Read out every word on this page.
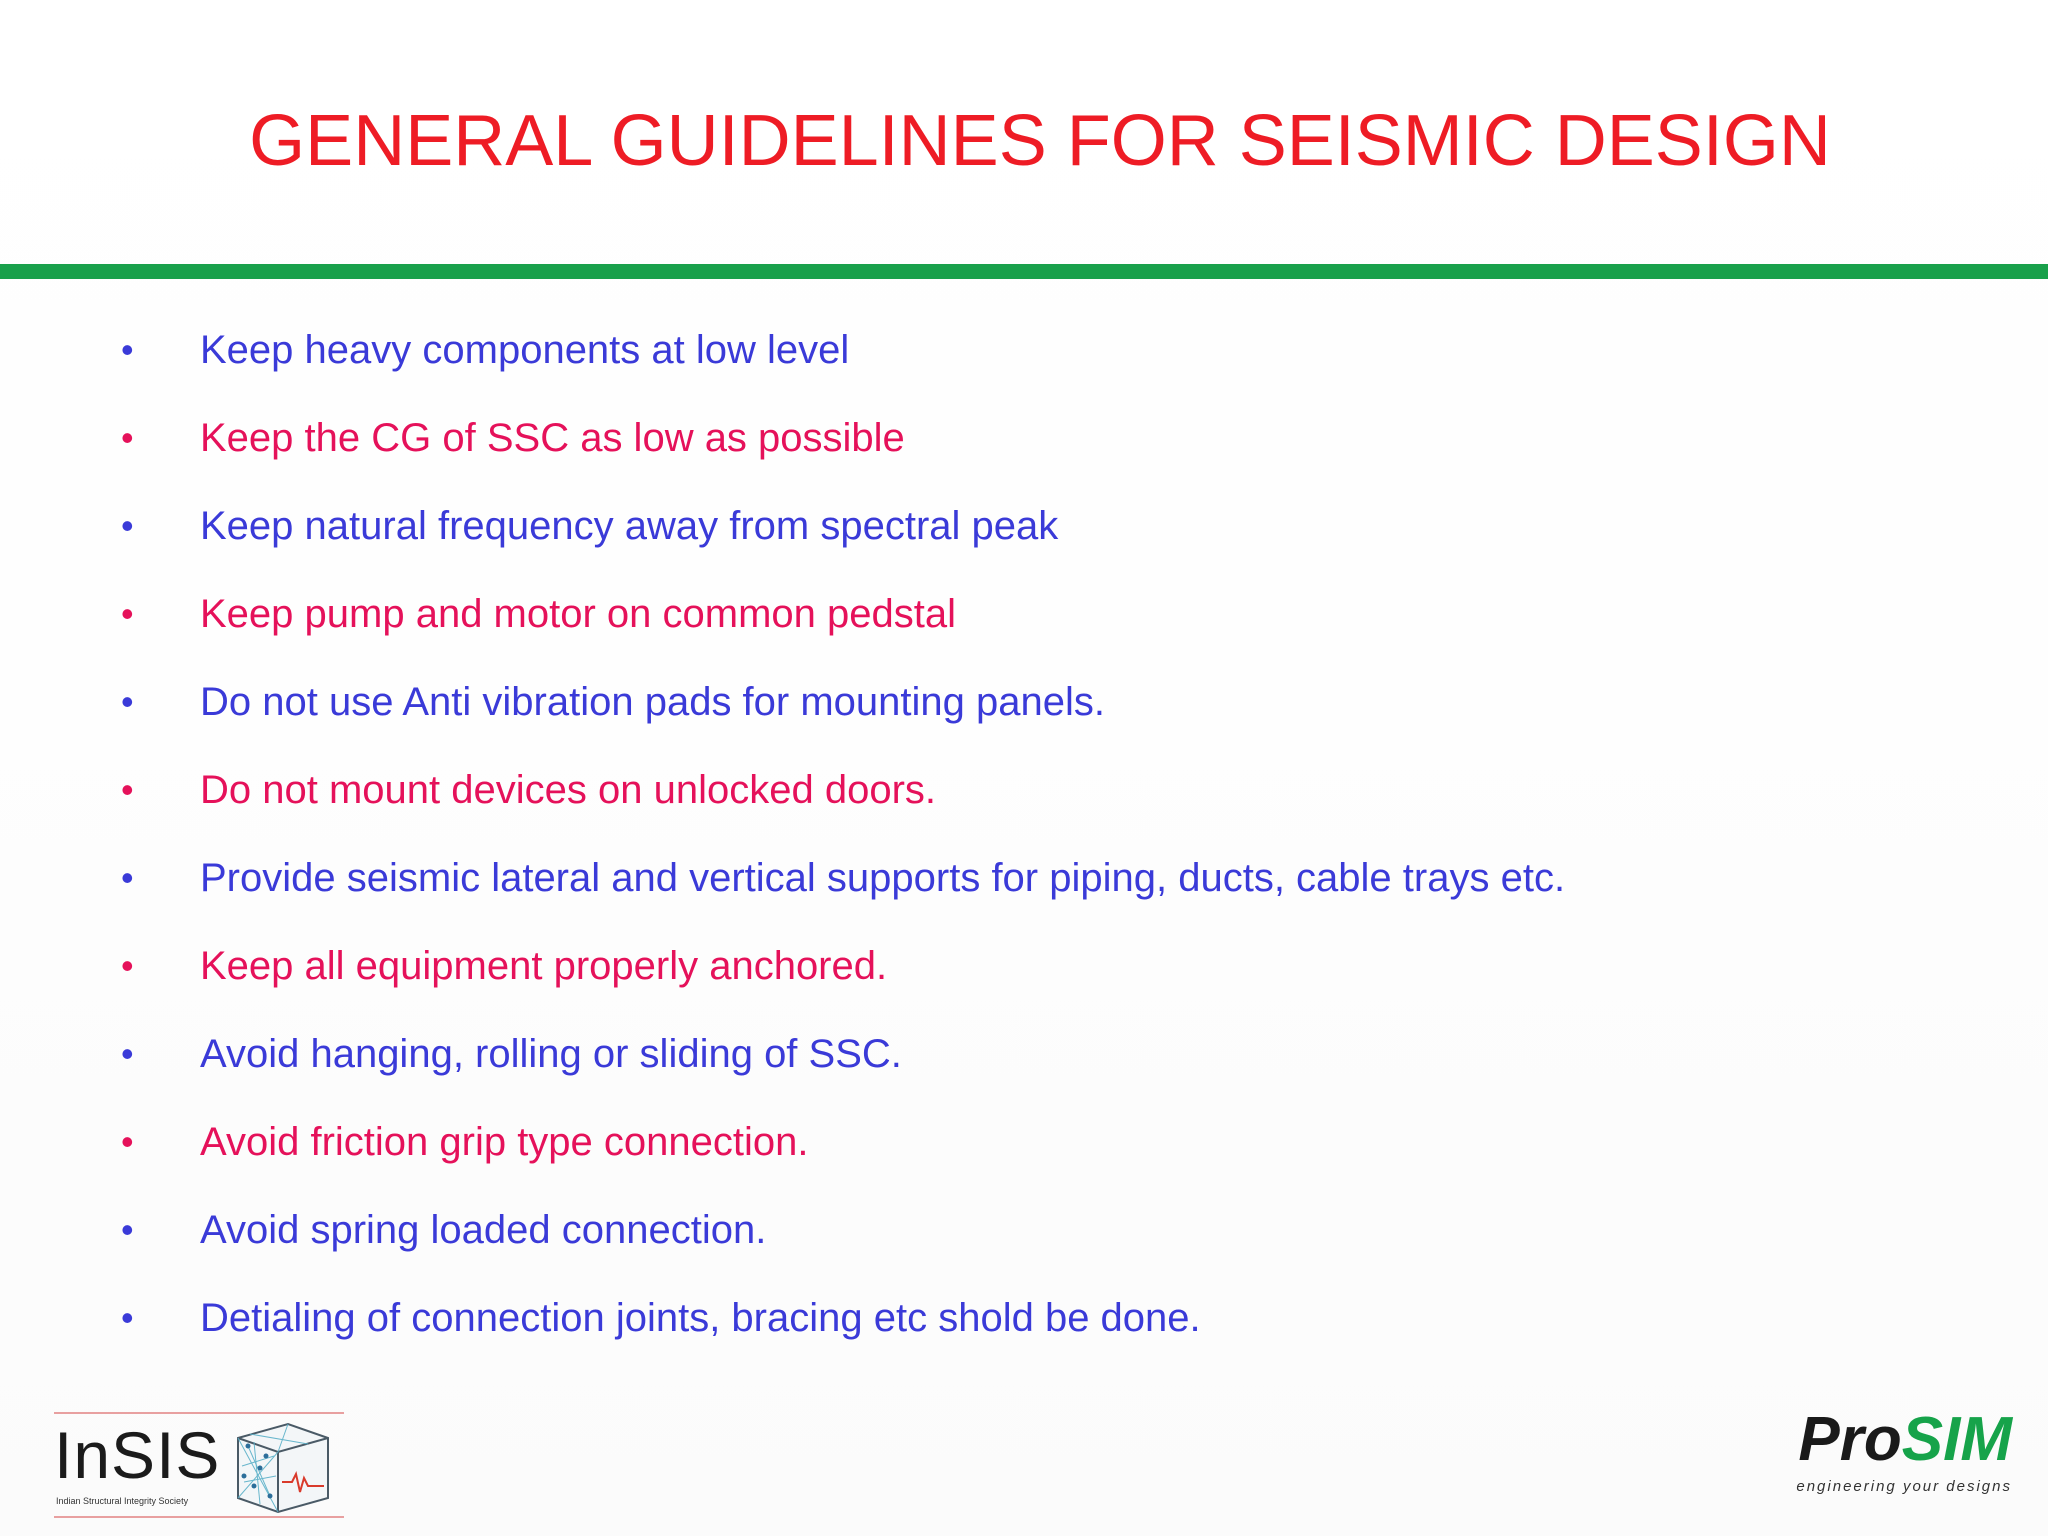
GENERAL GUIDELINES FOR SEISMIC DESIGN
• Keep heavy components at low level
• Keep the CG of SSC as low as possible
• Keep natural frequency away from spectral peak
• Keep pump and motor on common pedstal
• Do not use Anti vibration pads for mounting panels.
• Do not mount devices on unlocked doors.
• Provide seismic lateral and vertical supports for piping, ducts, cable trays etc.
• Keep all equipment properly anchored.
• Avoid hanging, rolling or sliding of SSC.
• Avoid friction grip type connection.
• Avoid spring loaded connection.
• Detialing of connection joints, bracing etc shold be done.
InSIS
Indian Structural Integrity Society
ProSIM
engineering your designs
